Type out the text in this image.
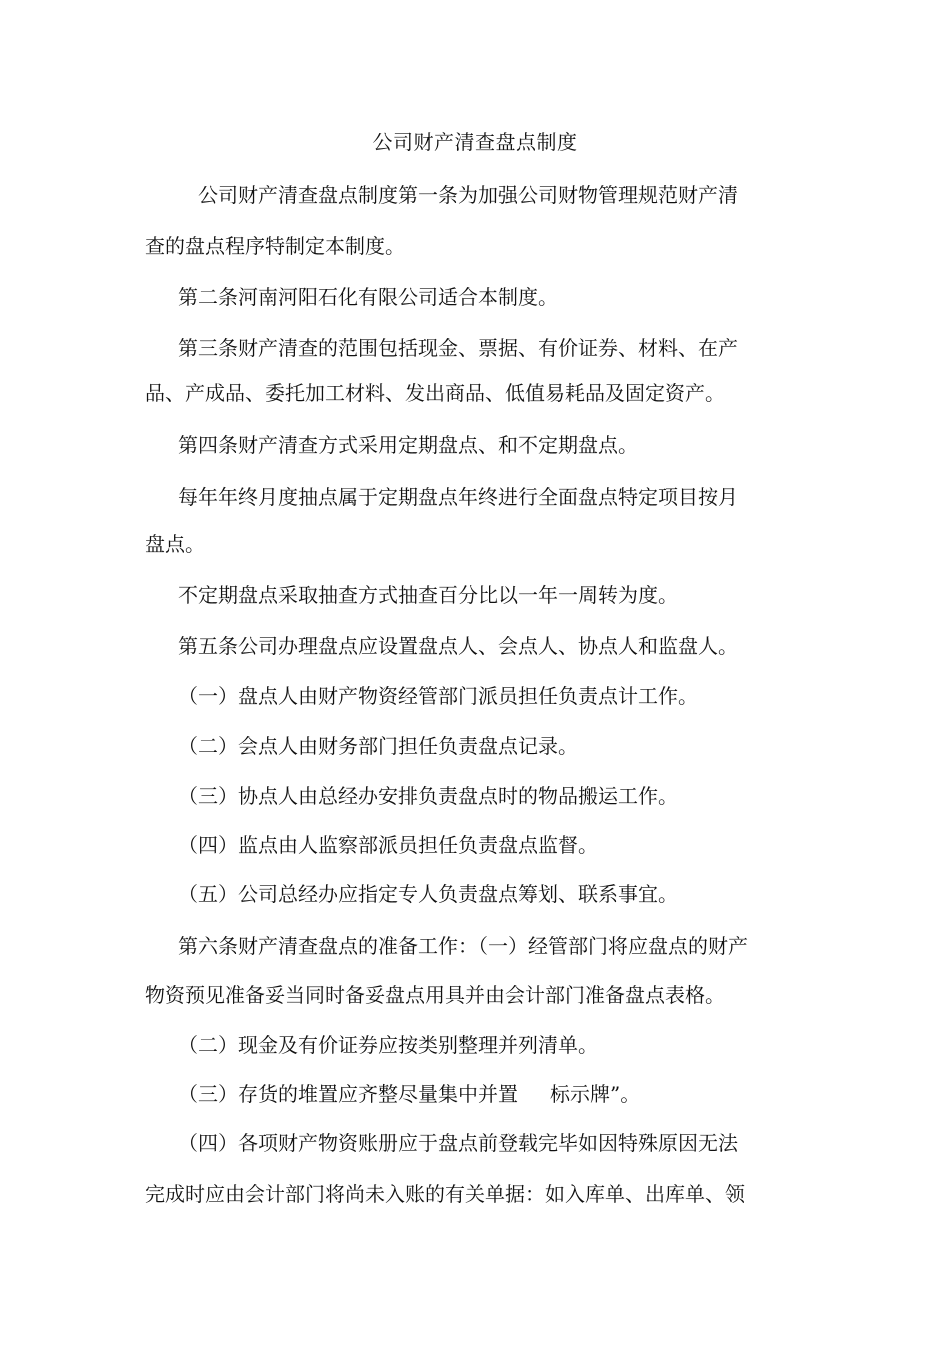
公司财产清查盘点制度
公司财产清查盘点制度第一条为加强公司财物管理规范财产清
查的盘点程序特制定本制度。
第二条河南河阳石化有限公司适合本制度。
第三条财产清查的范围包括现金、票据、有价证券、材料、在产
品、产成品、委托加工材料、发出商品、低值易耗品及固定资产。
第四条财产清查方式采用定期盘点、和不定期盘点。
每年年终月度抽点属于定期盘点年终进行全面盘点特定项目按月
盘点。
不定期盘点采取抽查方式抽查百分比以一年一周转为度。
第五条公司办理盘点应设置盘点人、会点人、协点人和监盘人。
（一）盘点人由财产物资经管部门派员担任负责点计工作。
（二）会点人由财务部门担任负责盘点记录。
（三）协点人由总经办安排负责盘点时的物品搬运工作。
（四）监点由人监察部派员担任负责盘点监督。
（五）公司总经办应指定专人负责盘点筹划、联系事宜。
第六条财产清查盘点的准备工作：（一）经管部门将应盘点的财产
物资预见准备妥当同时备妥盘点用具并由会计部门准备盘点表格。
（二）现金及有价证券应按类别整理并列清单。
（三）存货的堆置应齐整尽量集中并置 标示牌”。
（四）各项财产物资账册应于盘点前登载完毕如因特殊原因无法
完成时应由会计部门将尚未入账的有关单据：如入库单、出库单、领
